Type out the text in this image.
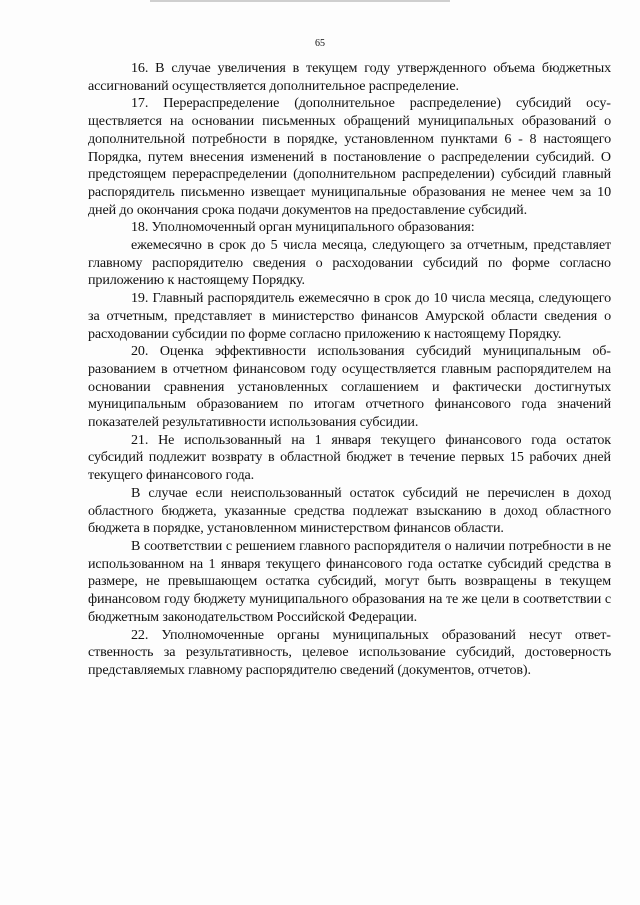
65

16. В случае увеличения в текущем году утвержденного объема бюджетных ассигнований осуществляется дополнительное распределение.

17. Перераспределение (дополнительное распределение) субсидий осуществляется на основании письменных обращений муниципальных образований о дополнительной потребности в порядке, установленном пунктами 6 - 8 настоящего Порядка, путем внесения изменений в постановление о распределении субсидий. О предстоящем перераспределении (дополнительном распределении) субсидий главный распорядитель письменно извещает муниципальные образования не менее чем за 10 дней до окончания срока подачи документов на предоставление субсидий.

18. Уполномоченный орган муниципального образования:

ежемесячно в срок до 5 числа месяца, следующего за отчетным, представляет главному распорядителю сведения о расходовании субсидий по форме согласно приложению к настоящему Порядку.

19. Главный распорядитель ежемесячно в срок до 10 числа месяца, следующего за отчетным, представляет в министерство финансов Амурской области сведения о расходовании субсидии по форме согласно приложению к настоящему Порядку.

20. Оценка эффективности использования субсидий муниципальным образованием в отчетном финансовом году осуществляется главным распорядителем на основании сравнения установленных соглашением и фактически достигнутых муниципальным образованием по итогам отчетного финансового года значений показателей результативности использования субсидии.

21. Не использованный на 1 января текущего финансового года остаток субсидий подлежит возврату в областной бюджет в течение первых 15 рабочих дней текущего финансового года.

В случае если неиспользованный остаток субсидий не перечислен в доход областного бюджета, указанные средства подлежат взысканию в доход областного бюджета в порядке, установленном министерством финансов области.

В соответствии с решением главного распорядителя о наличии потребности в не использованном на 1 января текущего финансового года остатке субсидий средства в размере, не превышающем остатка субсидий, могут быть возвращены в текущем финансовом году бюджету муниципального образования на те же цели в соответствии с бюджетным законодательством Российской Федерации.

22. Уполномоченные органы муниципальных образований несут ответственность за результативность, целевое использование субсидий, достоверность представляемых главному распорядителю сведений (документов, отчетов).
